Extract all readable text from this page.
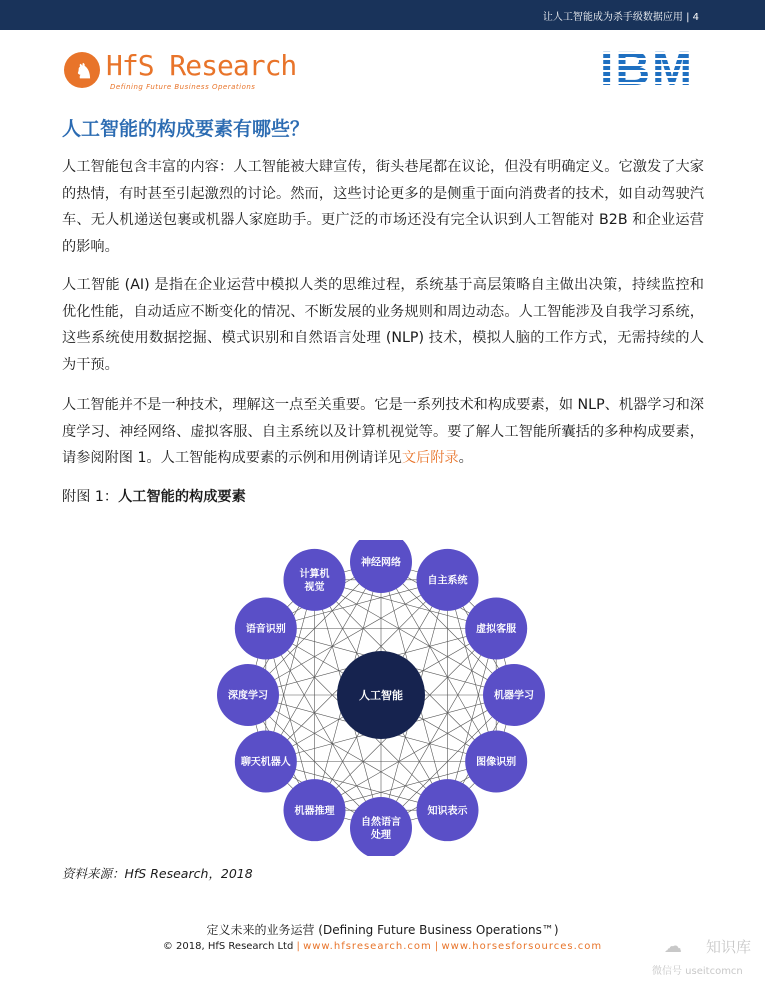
让人工智能成为杀手级数据应用 | 4
♞ HfS Research
Defining Future Business Operations	IBM
人工智能的构成要素有哪些？
人工智能包含丰富的内容：人工智能被大肆宣传，街头巷尾都在议论，但没有明确定义。它激发了大家的热情，有时甚至引起激烈的讨论。然而，这些讨论更多的是侧重于面向消费者的技术，如自动驾驶汽车、无人机递送包裹或机器人家庭助手。更广泛的市场还没有完全认识到人工智能对 B2B 和企业运营的影响。
人工智能 (AI) 是指在企业运营中模拟人类的思维过程，系统基于高层策略自主做出决策，持续监控和优化性能，自动适应不断变化的情况、不断发展的业务规则和周边动态。人工智能涉及自我学习系统，这些系统使用数据挖掘、模式识别和自然语言处理 (NLP) 技术，模拟人脑的工作方式，无需持续的人为干预。
人工智能并不是一种技术，理解这一点至关重要。它是一系列技术和构成要素，如 NLP、机器学习和深度学习、神经网络、虚拟客服、自主系统以及计算机视觉等。要了解人工智能所囊括的多种构成要素，请参阅附图 1。人工智能构成要素的示例和用例请详见文后附录。
附图 1：人工智能的构成要素
神经网络
自主系统
虚拟客服
机器学习
图像识别
知识表示
自然语言
处理
机器推理
聊天机器人
深度学习
语音识别
计算机
视觉
人工智能
资料来源：HfS Research，2018
定义未来的业务运营 (Defining Future Business Operations™)
© 2018, HfS Research Ltd | www.hfsresearch.com | www.horsesforsources.com	☁ 知识库
微信号 useitcomcn
